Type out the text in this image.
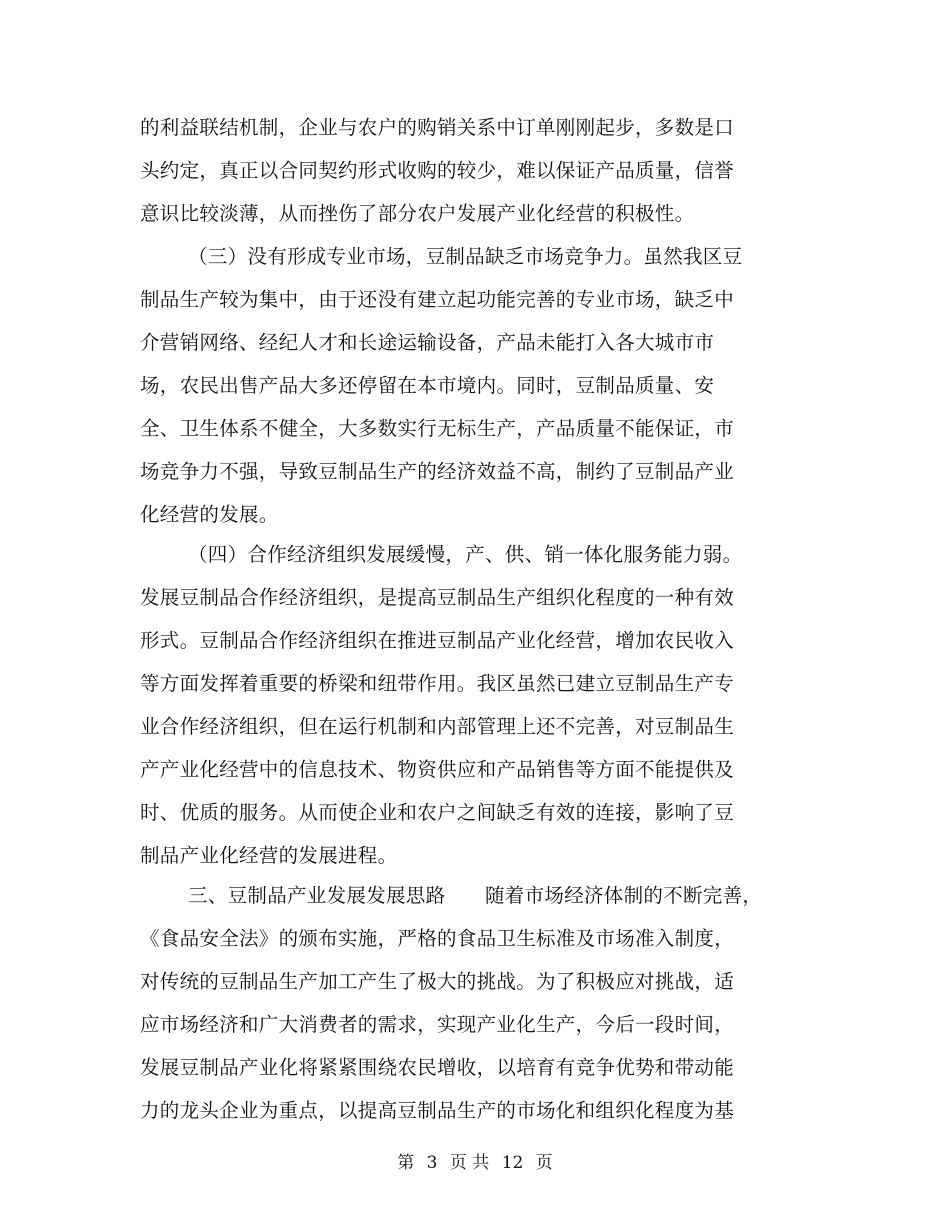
的利益联结机制，企业与农户的购销关系中订单刚刚起步，多数是口
头约定，真正以合同契约形式收购的较少，难以保证产品质量，信誉
意识比较淡薄，从而挫伤了部分农户发展产业化经营的积极性。
（三）没有形成专业市场，豆制品缺乏市场竞争力。虽然我区豆
制品生产较为集中，由于还没有建立起功能完善的专业市场，缺乏中
介营销网络、经纪人才和长途运输设备，产品未能打入各大城市市
场，农民出售产品大多还停留在本市境内。同时，豆制品质量、安
全、卫生体系不健全，大多数实行无标生产，产品质量不能保证，市
场竞争力不强，导致豆制品生产的经济效益不高，制约了豆制品产业
化经营的发展。
（四）合作经济组织发展缓慢，产、供、销一体化服务能力弱。
发展豆制品合作经济组织，是提高豆制品生产组织化程度的一种有效
形式。豆制品合作经济组织在推进豆制品产业化经营，增加农民收入
等方面发挥着重要的桥梁和纽带作用。我区虽然已建立豆制品生产专
业合作经济组织，但在运行机制和内部管理上还不完善，对豆制品生
产产业化经营中的信息技术、物资供应和产品销售等方面不能提供及
时、优质的服务。从而使企业和农户之间缺乏有效的连接，影响了豆
制品产业化经营的发展进程。
三、豆制品产业发展发展思路　　随着市场经济体制的不断完善，
《食品安全法》的颁布实施，严格的食品卫生标准及市场准入制度，
对传统的豆制品生产加工产生了极大的挑战。为了积极应对挑战，适
应市场经济和广大消费者的需求，实现产业化生产，今后一段时间，
发展豆制品产业化将紧紧围绕农民增收，以培育有竞争优势和带动能
力的龙头企业为重点，以提高豆制品生产的市场化和组织化程度为基
第 3 页 共 12 页
